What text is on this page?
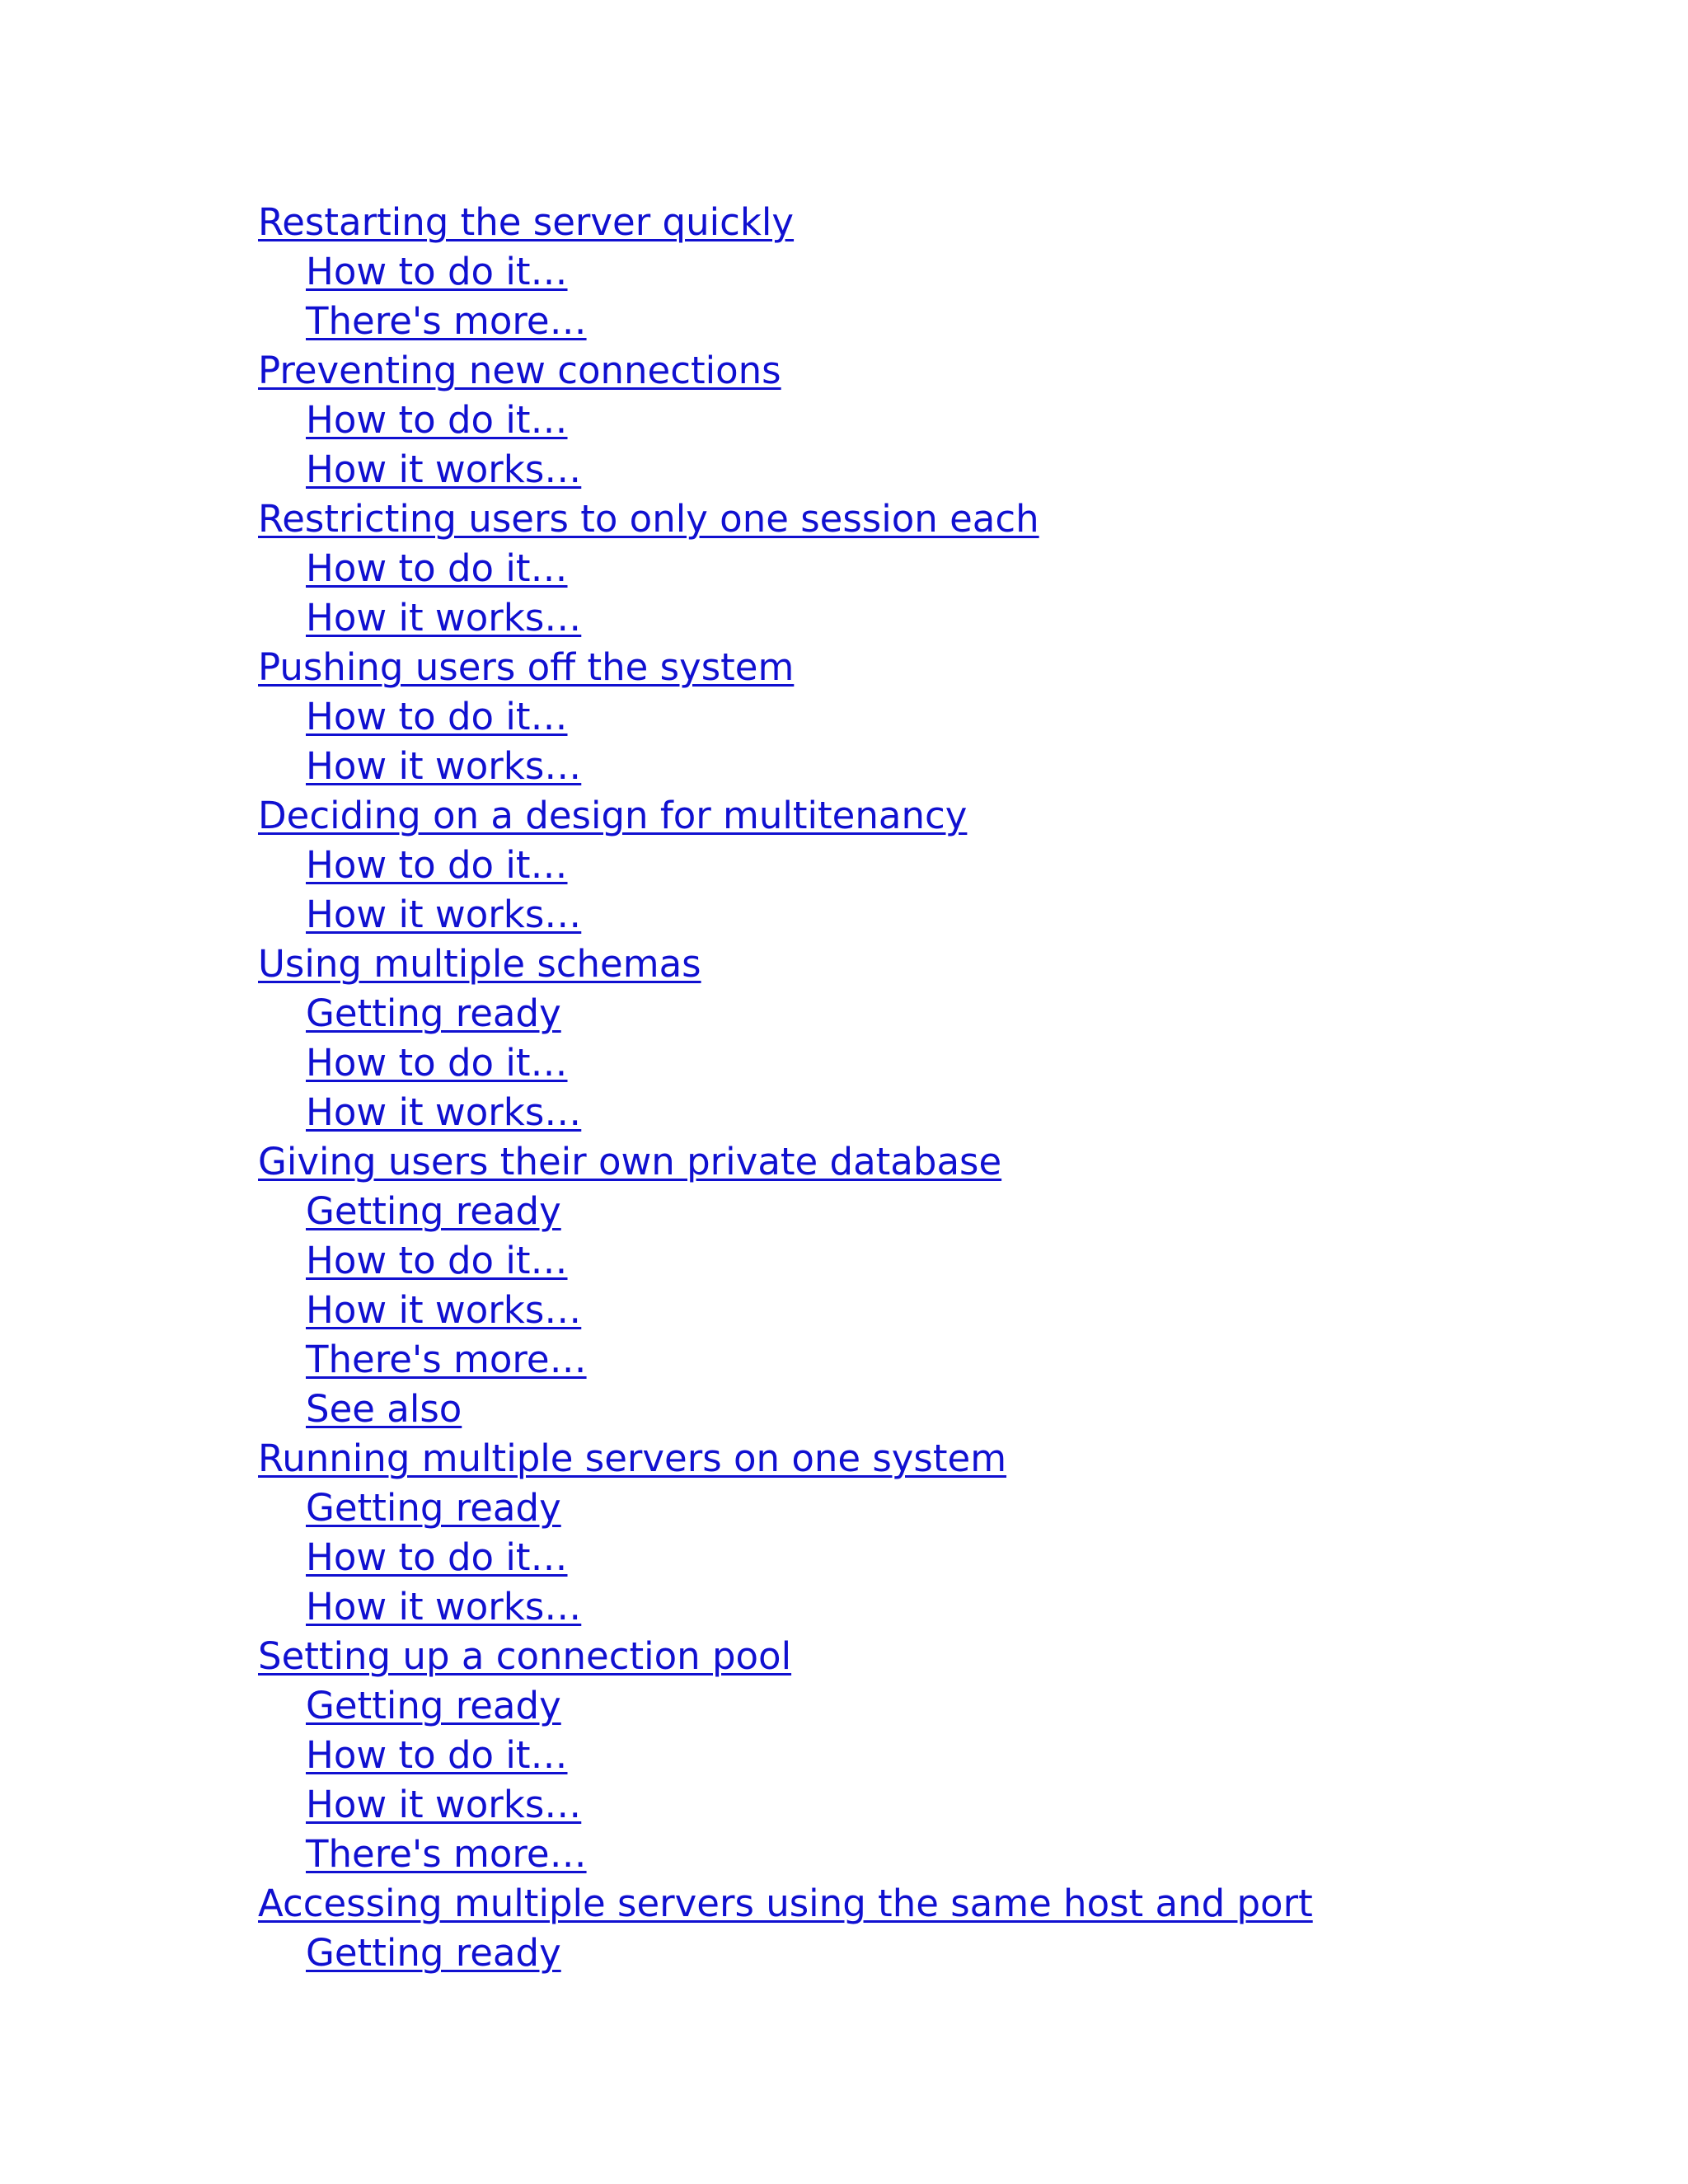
Restarting the server quickly
How to do it…
There's more…
Preventing new connections
How to do it…
How it works…
Restricting users to only one session each
How to do it…
How it works…
Pushing users off the system
How to do it…
How it works…
Deciding on a design for multitenancy
How to do it…
How it works…
Using multiple schemas
Getting ready
How to do it…
How it works…
Giving users their own private database
Getting ready
How to do it…
How it works…
There's more…
See also
Running multiple servers on one system
Getting ready
How to do it…
How it works…
Setting up a connection pool
Getting ready
How to do it…
How it works…
There's more…
Accessing multiple servers using the same host and port
Getting ready
